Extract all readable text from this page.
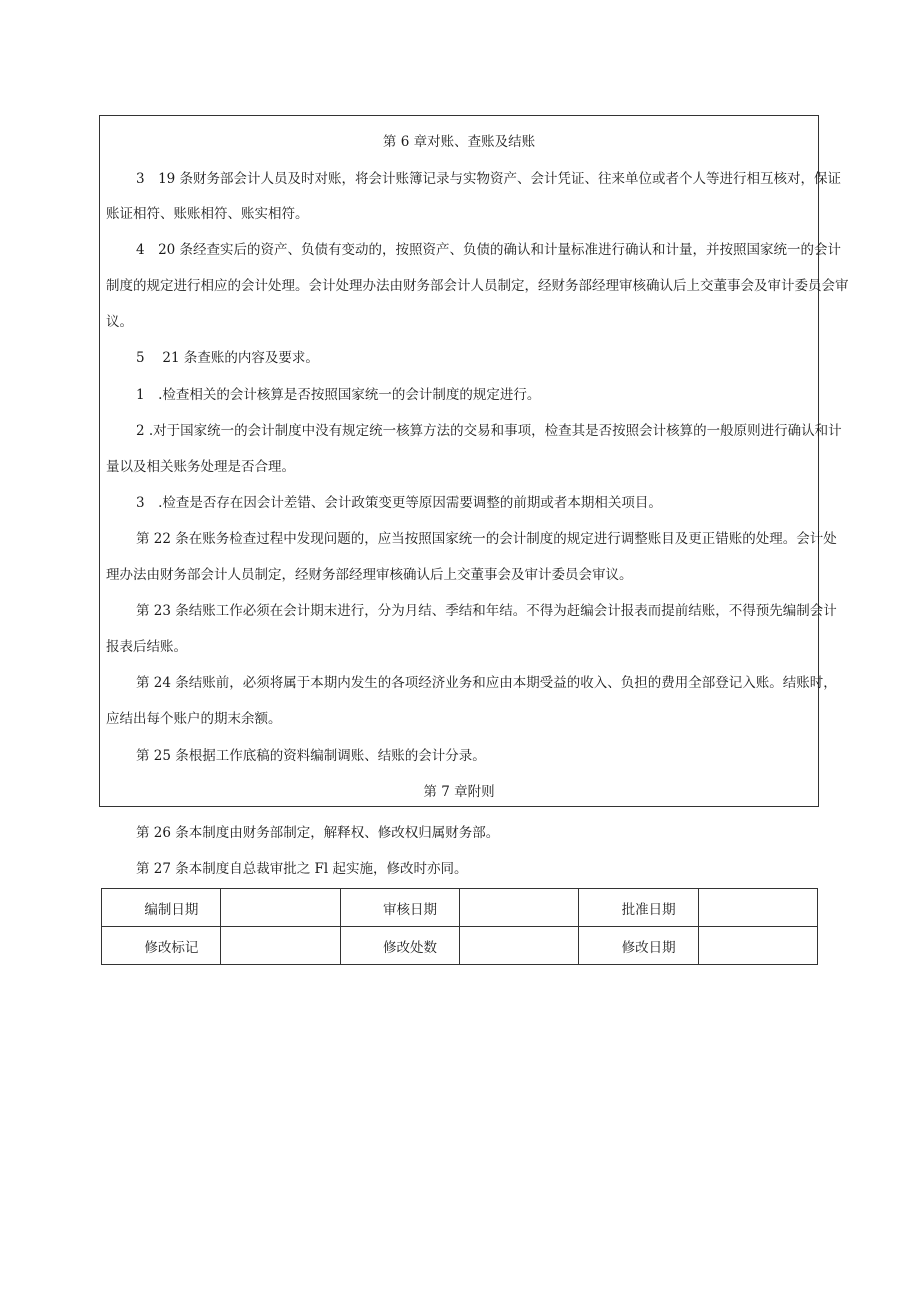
第 6 章对账、查账及结账
3　19 条财务部会计人员及时对账，将会计账簿记录与实物资产、会计凭证、往来单位或者个人等进行相互核对，保证
账证相符、账账相符、账实相符。
4　20 条经查实后的资产、负债有变动的，按照资产、负债的确认和计量标准进行确认和计量，并按照国家统一的会计
制度的规定进行相应的会计处理。会计处理办法由财务部会计人员制定，经财务部经理审核确认后上交董事会及审计委员会审
议。
5　 21 条查账的内容及要求。
1　.检查相关的会计核算是否按照国家统一的会计制度的规定进行。
2 .对于国家统一的会计制度中没有规定统一核算方法的交易和事项，检查其是否按照会计核算的一般原则进行确认和计
量以及相关账务处理是否合理。
3　.检查是否存在因会计差错、会计政策变更等原因需要调整的前期或者本期相关项目。
第 22 条在账务检查过程中发现问题的，应当按照国家统一的会计制度的规定进行调整账目及更正错账的处理。会计处
理办法由财务部会计人员制定，经财务部经理审核确认后上交董事会及审计委员会审议。
第 23 条结账工作必须在会计期末进行，分为月结、季结和年结。不得为赶编会计报表而提前结账，不得预先编制会计
报表后结账。
第 24 条结账前，必须将属于本期内发生的各项经济业务和应由本期受益的收入、负担的费用全部登记入账。结账时，
应结出每个账户的期末余额。
第 25 条根据工作底稿的资料编制调账、结账的会计分录。
第 7 章附则
第 26 条本制度由财务部制定，解释权、修改权归属财务部。
第 27 条本制度自总裁审批之 Fl 起实施，修改时亦同。
编制日期		审核日期		批准日期	
修改标记		修改处数		修改日期	
